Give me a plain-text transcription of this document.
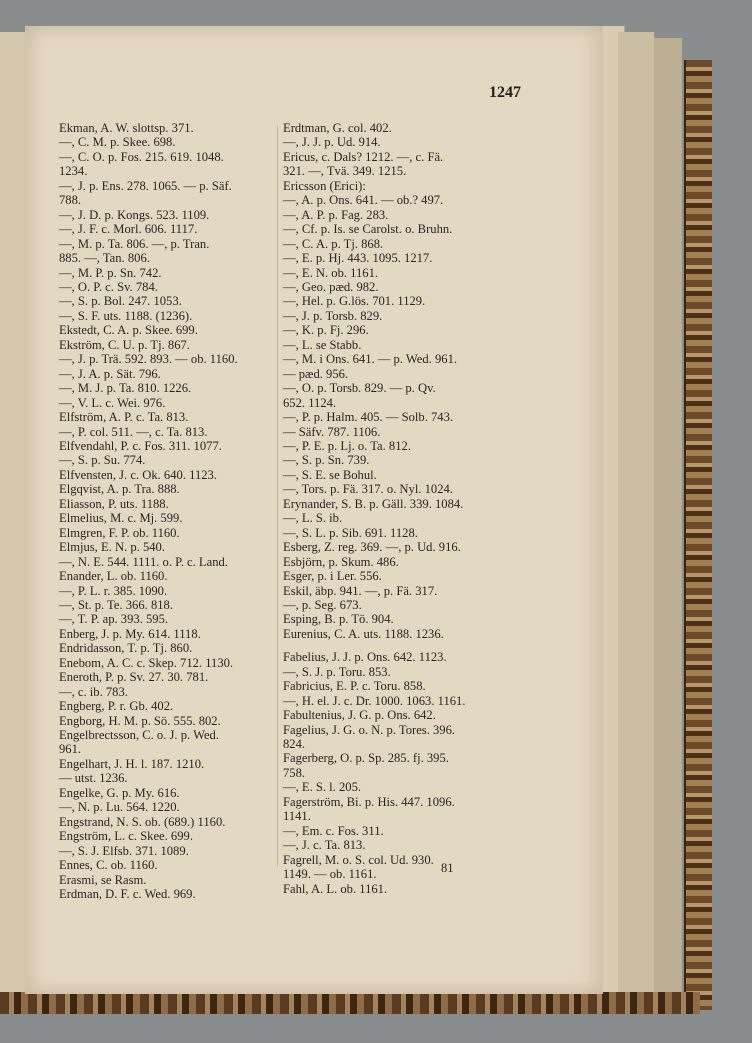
1247
Ekman, A. W. slottsp. 371.
—, C. M. p. Skee. 698.
—, C. O. p. Fos. 215. 619. 1048.
1234.
—, J. p. Ens. 278. 1065. — p. Säf.
788.
—, J. D. p. Kongs. 523. 1109.
—, J. F. c. Morl. 606. 1117.
—, M. p. Ta. 806. —, p. Tran.
885. —, Tan. 806.
—, M. P. p. Sn. 742.
—, O. P. c. Sv. 784.
—, S. p. Bol. 247. 1053.
—, S. F. uts. 1188. (1236).
Ekstedt, C. A. p. Skee. 699.
Ekström, C. U. p. Tj. 867.
—, J. p. Trä. 592. 893. — ob. 1160.
—, J. A. p. Sät. 796.
—, M. J. p. Ta. 810. 1226.
—, V. L. c. Wei. 976.
Elfström, A. P. c. Ta. 813.
—, P. col. 511. —, c. Ta. 813.
Elfvendahl, P. c. Fos. 311. 1077.
—, S. p. Su. 774.
Elfvensten, J. c. Ok. 640. 1123.
Elgqvist, A. p. Tra. 888.
Eliasson, P. uts. 1188.
Elmelius, M. c. Mj. 599.
Elmgren, F. P. ob. 1160.
Elmjus, E. N. p. 540.
—, N. E. 544. 1111. o. P. c. Land.
Enander, L. ob. 1160.
—, P. L. r. 385. 1090.
—, St. p. Te. 366. 818.
—, T. P. ap. 393. 595.
Enberg, J. p. My. 614. 1118.
Endridasson, T. p. Tj. 860.
Enebom, A. C. c. Skep. 712. 1130.
Eneroth, P. p. Sv. 27. 30. 781.
—, c. ib. 783.
Engberg, P. r. Gb. 402.
Engborg, H. M. p. Sö. 555. 802.
Engelbrectsson, C. o. J. p. Wed.
961.
Engelhart, J. H. l. 187. 1210.
— utst. 1236.
Engelke, G. p. My. 616.
—, N. p. Lu. 564. 1220.
Engstrand, N. S. ob. (689.) 1160.
Engström, L. c. Skee. 699.
—, S. J. Elfsb. 371. 1089.
Ennes, C. ob. 1160.
Erasmi, se Rasm.
Erdman, D. F. c. Wed. 969.
Erdtman, G. col. 402.
—, J. J. p. Ud. 914.
Ericus, c. Dals? 1212. —, c. Fä.
321. —, Tvä. 349. 1215.
Ericsson (Erici):
—, A. p. Ons. 641. — ob.? 497.
—, A. P. p. Fag. 283.
—, Cf. p. Is. se Carolst. o. Bruhn.
—, C. A. p. Tj. 868.
—, E. p. Hj. 443. 1095. 1217.
—, E. N. ob. 1161.
—, Geo. pæd. 982.
—, Hel. p. G.lös. 701. 1129.
—, J. p. Torsb. 829.
—, K. p. Fj. 296.
—, L. se Stabb.
—, M. i Ons. 641. — p. Wed. 961.
— pæd. 956.
—, O. p. Torsb. 829. — p. Qv.
652. 1124.
—, P. p. Halm. 405. — Solb. 743.
— Säfv. 787. 1106.
—, P. E. p. Lj. o. Ta. 812.
—, S. p. Sn. 739.
—, S. E. se Bohul.
—, Tors. p. Fä. 317. o. Nyl. 1024.
Erynander, S. B. p. Gäll. 339. 1084.
—, L. S. ib.
—, S. L. p. Sib. 691. 1128.
Esberg, Z. reg. 369. —, p. Ud. 916.
Esbjörn, p. Skum. 486.
Esger, p. i Ler. 556.
Eskil, äbp. 941. —, p. Fä. 317.
—, p. Seg. 673.
Esping, B. p. Tö. 904.
Eurenius, C. A. uts. 1188. 1236.
Fabelius, J. J. p. Ons. 642. 1123.
—, S. J. p. Toru. 853.
Fabricius, E. P. c. Toru. 858.
—, H. el. J. c. Dr. 1000. 1063. 1161.
Fabultenius, J. G. p. Ons. 642.
Fagelius, J. G. o. N. p. Tores. 396.
824.
Fagerberg, O. p. Sp. 285. fj. 395.
758.
—, E. S. l. 205.
Fagerström, Bi. p. His. 447. 1096.
1141.
—, Em. c. Fos. 311.
—, J. c. Ta. 813.
Fagrell, M. o. S. col. Ud. 930.
1149. — ob. 1161.
Fahl, A. L. ob. 1161.
81
